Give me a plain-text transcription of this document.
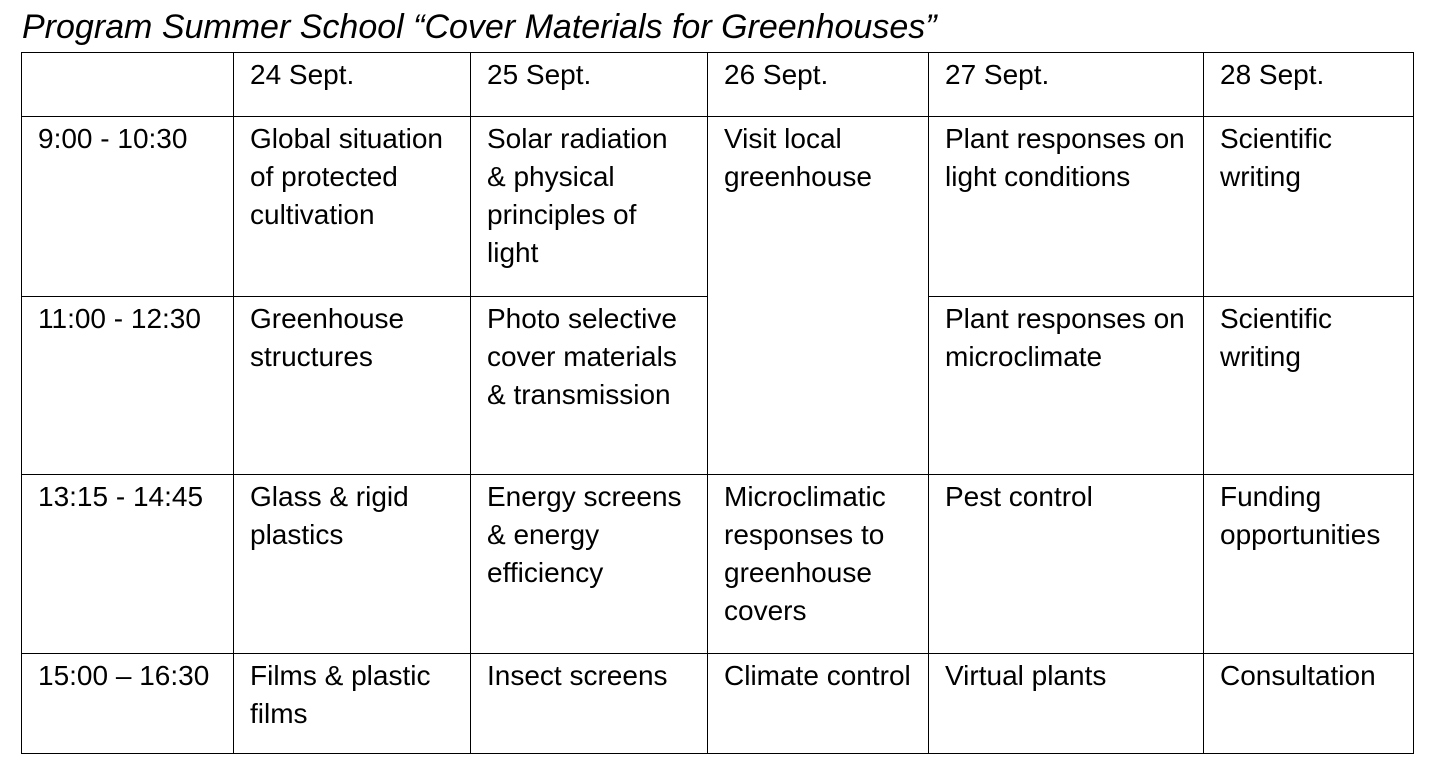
Program Summer School “Cover Materials for Greenhouses”
	24 Sept.	25 Sept.	26 Sept.	27 Sept.	28 Sept.
9:00 - 10:30	Global situation of protected cultivation	Solar radiation & physical principles of light	Visit local greenhouse	Plant responses on light conditions	Scientific writing
11:00 - 12:30	Greenhouse structures	Photo selective cover materials & transmission		Plant responses on microclimate	Scientific writing
13:15 - 14:45	Glass & rigid plastics	Energy screens & energy efficiency	Microclimatic responses to greenhouse covers	Pest control	Funding opportunities
15:00 – 16:30	Films & plastic films	Insect screens	Climate control	Virtual plants	Consultation
